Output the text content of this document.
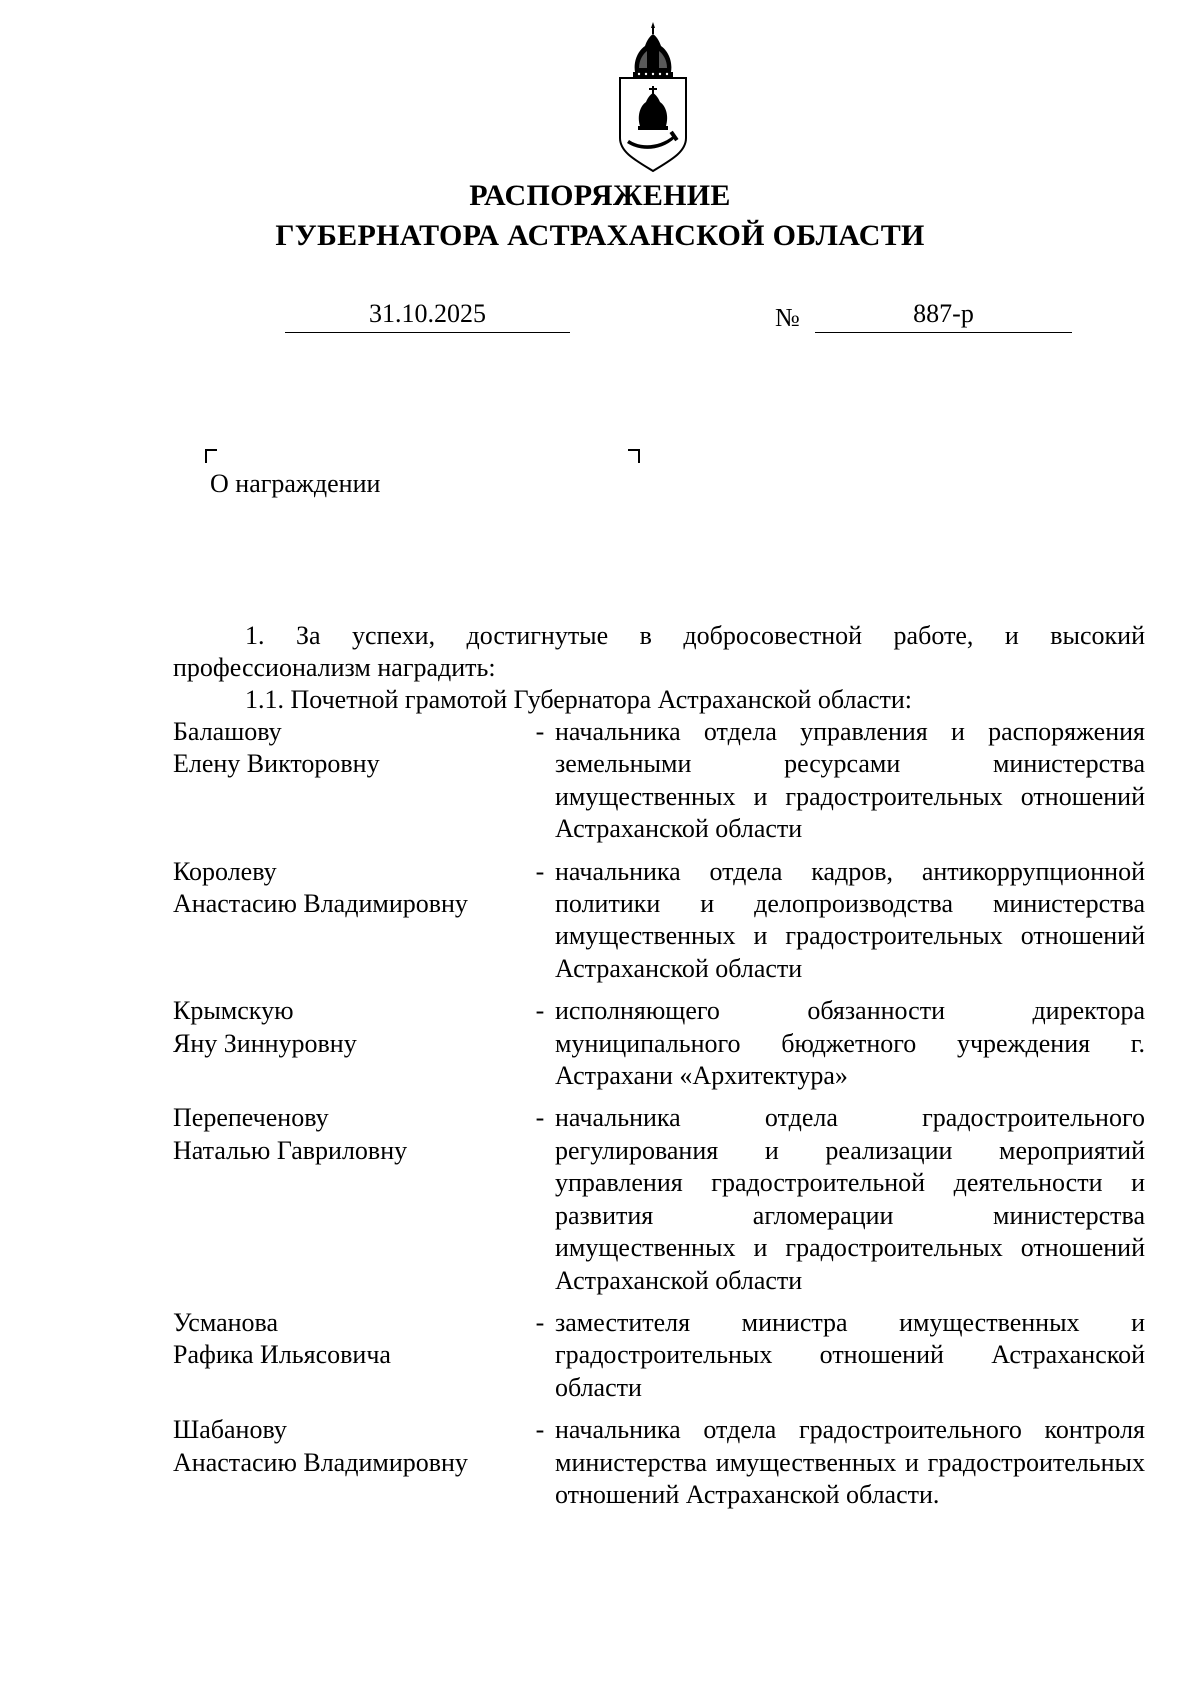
РАСПОРЯЖЕНИЕ
ГУБЕРНАТОРА АСТРАХАНСКОЙ ОБЛАСТИ
31.10.2025	№	887-р
О награждении
1. За успехи, достигнутые в добросовестной работе, и высокий профессионализм наградить:
1.1. Почетной грамотой Губернатора Астраханской области:
Балашову
Елену Викторовну
- начальника отдела управления и распоряжения земельными ресурсами министерства имущественных и градостроительных отношений Астраханской области
Королеву
Анастасию Владимировну
- начальника отдела кадров, антикоррупционной политики и делопроизводства министерства имущественных и градостроительных отношений Астраханской области
Крымскую
Яну Зиннуровну
- исполняющего обязанности директора муниципального бюджетного учреждения г. Астрахани «Архитектура»
Перепеченову
Наталью Гавриловну
- начальника отдела градостроительного регулирования и реализации мероприятий управления градостроительной деятельности и развития агломерации министерства имущественных и градостроительных отношений Астраханской области
Усманова
Рафика Ильясовича
- заместителя министра имущественных и градостроительных отношений Астраханской области
Шабанову
Анастасию Владимировну
- начальника отдела градостроительного контроля министерства имущественных и градостроительных отношений Астраханской области.
